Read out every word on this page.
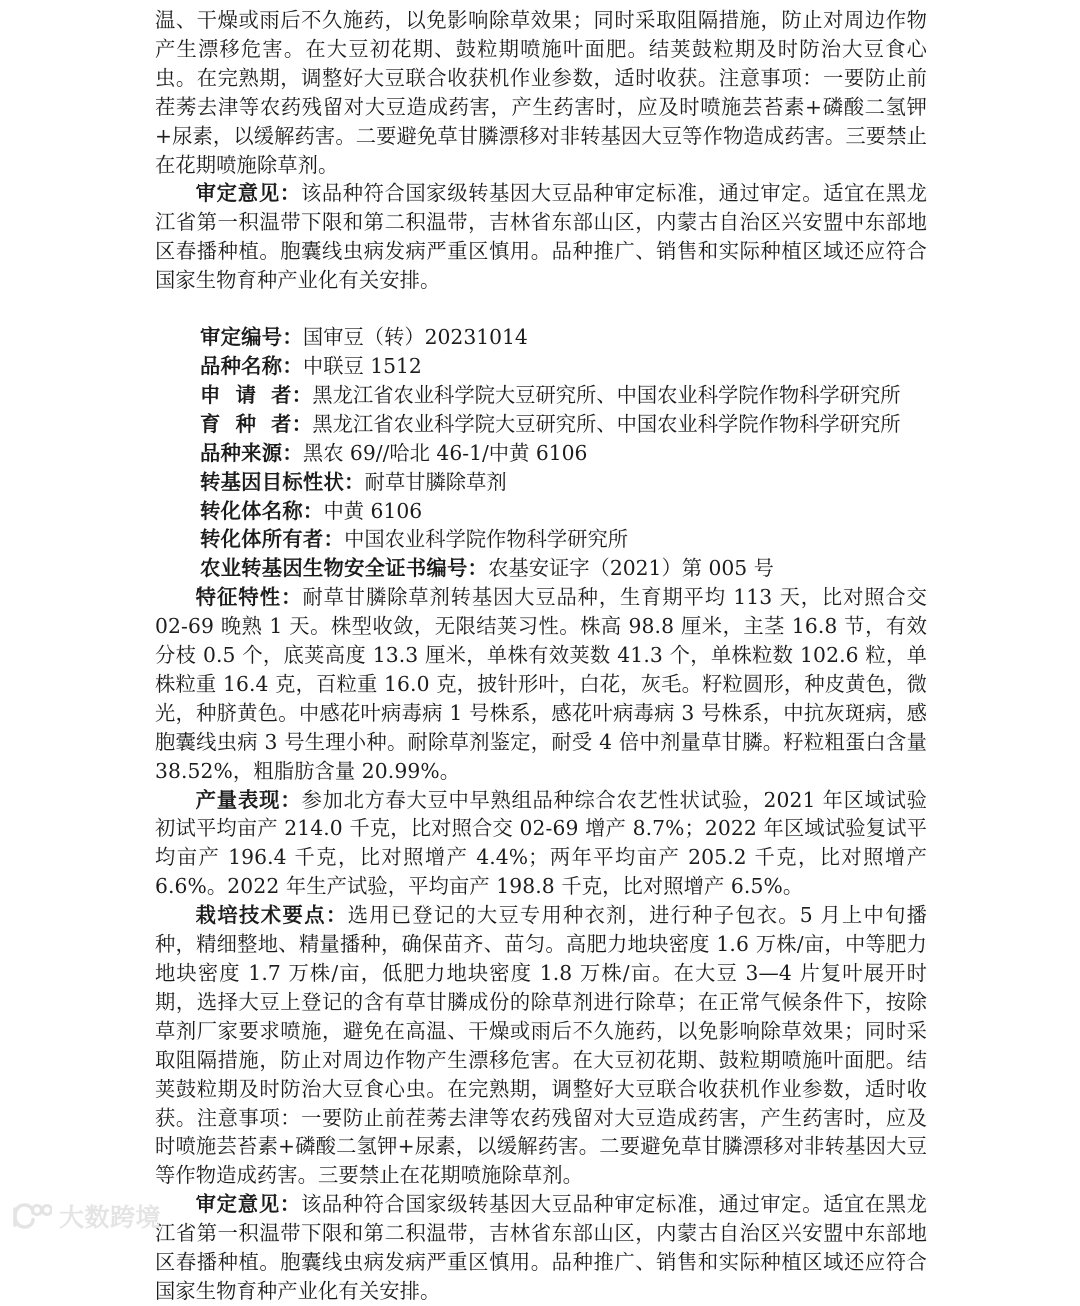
温、干燥或雨后不久施药，以免影响除草效果；同时采取阻隔措施，防止对周边作物产生漂移危害。在大豆初花期、鼓粒期喷施叶面肥。结荚鼓粒期及时防治大豆食心虫。在完熟期，调整好大豆联合收获机作业参数，适时收获。注意事项：一要防止前茬莠去津等农药残留对大豆造成药害，产生药害时，应及时喷施芸苔素+磷酸二氢钾+尿素，以缓解药害。二要避免草甘膦漂移对非转基因大豆等作物造成药害。三要禁止在花期喷施除草剂。

审定意见：该品种符合国家级转基因大豆品种审定标准，通过审定。适宜在黑龙江省第一积温带下限和第二积温带，吉林省东部山区，内蒙古自治区兴安盟中东部地区春播种植。胞囊线虫病发病严重区慎用。品种推广、销售和实际种植区域还应符合国家生物育种产业化有关安排。

审定编号：国审豆（转）20231014
品种名称：中联豆 1512
申请者：黑龙江省农业科学院大豆研究所、中国农业科学院作物科学研究所
育种者：黑龙江省农业科学院大豆研究所、中国农业科学院作物科学研究所
品种来源：黑农 69//哈北 46-1/中黄 6106
转基因目标性状：耐草甘膦除草剂
转化体名称：中黄 6106
转化体所有者：中国农业科学院作物科学研究所
农业转基因生物安全证书编号：农基安证字（2021）第 005 号

特征特性：耐草甘膦除草剂转基因大豆品种，生育期平均 113 天，比对照合交 02-69 晚熟 1 天。株型收敛，无限结荚习性。株高 98.8 厘米，主茎 16.8 节，有效分枝 0.5 个，底荚高度 13.3 厘米，单株有效荚数 41.3 个，单株粒数 102.6 粒，单株粒重 16.4 克，百粒重 16.0 克，披针形叶，白花，灰毛。籽粒圆形，种皮黄色，微光，种脐黄色。中感花叶病毒病 1 号株系，感花叶病毒病 3 号株系，中抗灰斑病，感胞囊线虫病 3 号生理小种。耐除草剂鉴定，耐受 4 倍中剂量草甘膦。籽粒粗蛋白含量 38.52%，粗脂肪含量 20.99%。

产量表现：参加北方春大豆中早熟组品种综合农艺性状试验，2021 年区域试验初试平均亩产 214.0 千克，比对照合交 02-69 增产 8.7%；2022 年区域试验复试平均亩产 196.4 千克，比对照增产 4.4%；两年平均亩产 205.2 千克，比对照增产 6.6%。2022 年生产试验，平均亩产 198.8 千克，比对照增产 6.5%。

栽培技术要点：选用已登记的大豆专用种衣剂，进行种子包衣。5 月上中旬播种，精细整地、精量播种，确保苗齐、苗匀。高肥力地块密度 1.6 万株/亩，中等肥力地块密度 1.7 万株/亩，低肥力地块密度 1.8 万株/亩。在大豆 3—4 片复叶展开时期，选择大豆上登记的含有草甘膦成份的除草剂进行除草；在正常气候条件下，按除草剂厂家要求喷施，避免在高温、干燥或雨后不久施药，以免影响除草效果；同时采取阻隔措施，防止对周边作物产生漂移危害。在大豆初花期、鼓粒期喷施叶面肥。结荚鼓粒期及时防治大豆食心虫。在完熟期，调整好大豆联合收获机作业参数，适时收获。注意事项：一要防止前茬莠去津等农药残留对大豆造成药害，产生药害时，应及时喷施芸苔素+磷酸二氢钾+尿素，以缓解药害。二要避免草甘膦漂移对非转基因大豆等作物造成药害。三要禁止在花期喷施除草剂。

审定意见：该品种符合国家级转基因大豆品种审定标准，通过审定。适宜在黑龙江省第一积温带下限和第二积温带，吉林省东部山区，内蒙古自治区兴安盟中东部地区春播种植。胞囊线虫病发病严重区慎用。品种推广、销售和实际种植区域还应符合国家生物育种产业化有关安排。

大数跨境
